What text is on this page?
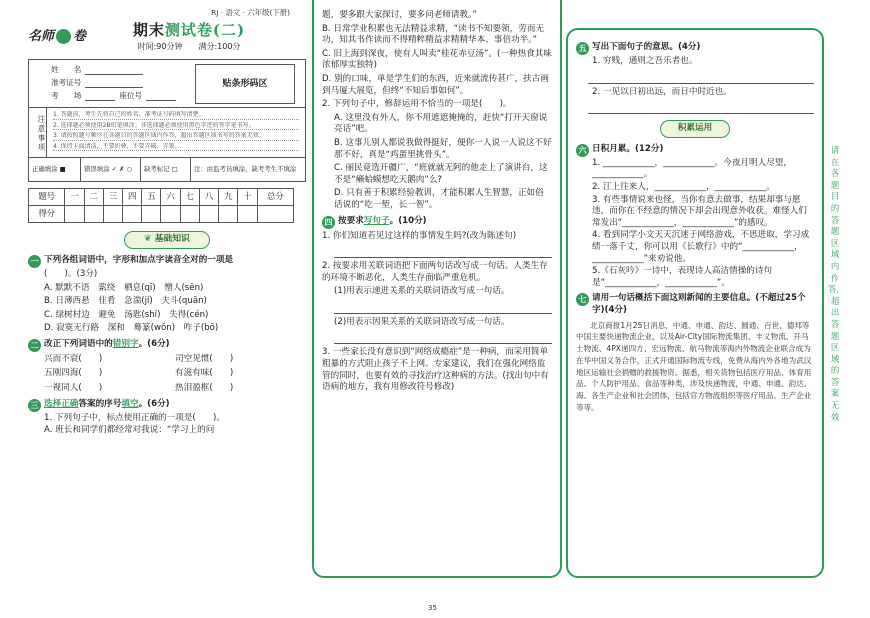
RJ · 语文 · 六年级(下册)
名师 卷	期末测试卷(二)
时间:90分钟　　 满分:100分
姓　　名
准考证号
考　　场	座位号
贴条形码区
注意事项
1. 答题前，考生先将自己的姓名、准考证号码填写清楚。
2. 选择题必须使用2B铅笔填涂；非选择题必须使用黑色字迹的签字笔书写。
3. 请按照题号顺序在各题目的答题区域内作答，超出答题区域书写的答案无效。
4. 保持卡面清洁，不要折叠，不要弄破、弄皱。
正确填涂 ■	错误填涂 ✓ ✗ ○	缺考标记 □	注：由监考员填涂，缺考考生不填涂
题号	一	二	三	四	五	六	七	八	九	十	总分
得分											
❦ 基础知识
一 下列各组词语中，字形和加点字读音全对的一项是
(　　)。(3分)
A. 默默不语　萦绕　栖息(qī)　憎人(sēn)
B. 日薄西悬　佳肴　急湍(jí)　夫斗(quān)
C. 绿树村边　避免　汤匙(shí)　失得(cén)
D. 寂寞无行路　深和　蓦篆(wǒn)　咋子(bō)
二 改正下列词语中的错别字。(6分)
兴而不衰(　　)	司空见惯(　　)
五刚四海(　　)	有滋有味(　　)
一视同人(　　)	热泪盈框(　　)
三 选择正确答案的序号填空。(6分)
1. 下列句子中，标点使用正确的一项是(　　)。
A. 班长和同学们都经常对我说：“学习上的问
题，要多跟大家探讨，要多问老师请教。”
B. 日常学业积累也无法精益求精，“读书不知要领，劳而无功，知其书作读而不得精粹精益求精精华本、事倍功半。”
C. 旧上海到深夜，使有人叫卖“桂花赤豆汤”。(一种热食其味浓郁厚实独特)
D. 别的口味，单是学生们的东西，近来就流传甚广，扶古画到马厦大展览，但终“不知后事如何”。
2. 下列句子中，修辞运用不恰当的一项是(　　)。
A. 这里没有外人，你不用遮遮掩掩的，赶快“打开天窗说亮话”吧。
B. 这事儿别人都说我做得挺好，便你一人说一人说这不好那不好，真是“鸡蛋里挑骨头”。
C. 丽民竟选开疆广，“班就就无阿的他走上了演讲台，这不是“癞蛤蟆想吃天鹅肉”么?
D. 只有善于积累经验教训，才能积累人生智慧，正如俗话说的“吃一堑，长一智”。
四 按要求写句子。(10分)
1. 你们知道若见过这样的事情发生吗?(改为陈述句)
2. 按要求用关联词语把下面两句话改写成一句话。人类生存的环境不断恶化，人类生存面临严重危机。
(1)用表示递进关系的关联词语改写成一句话。
(2)用表示因果关系的关联词语改写成一句话。
3. 一些家长没有意识到“网络成瘾症”是一种病，而采用简单粗暴的方式阻止孩子不上网。专家建议，我们在强化网络监管的同时，也要有效的寻找治疗这种病的方法。(找出句中有语病的地方，我有用修改符号修改)
五 写出下面句子的意思。(4分)
1. 穷贱，通则之吾乐者也。
2. 一见以日初出远，而日中时近也。
积累运用
六 日积月累。(12分)
1. ____________，____________。今夜月明人尽望，____________。
2. 江上往来人，____________，____________。
3. 有些事情说来也怪，当你有意去做事，结果却事与愿违，而你在不经意的情况下却会出现意外收获。难怪人们常发出“____________，____________”的感叹。
4. 看到同学小文天天沉迷于网络游戏，不思进取，学习成绩一落千丈，你可以用《长歌行》中的“____________，____________”来劝说他。
5.《石灰吟》一诗中，表现诗人高洁情操的诗句是“____________，____________”。
七 请用一句话概括下面这则新闻的主要信息。(不超过25个字)(4分)
北京商报1月25日消息，中通、申通、韵达、圆通、百世、德邦等中国主要快递物流企业，以及Air-City国际物流集团、丰义物流、开马士物流、4PX递四方、宏远物流、航马物流等海内外物流企业联合成为在华中国义务合作，正式开通国际物流专线，免费从海内外各地为武汉地区运输社会捐赠的救援物资。据悉，相关货物包括医疗用品、体育用品、个人防护用品、食品等种类，涉及快递物流，中通、申通、韵达、海、各生产企业和社会团体，包括官方物流组织等医疗用品、生产企业等等。
请在各题目的答题区域内作答，超出答题区域的答案无效
35
